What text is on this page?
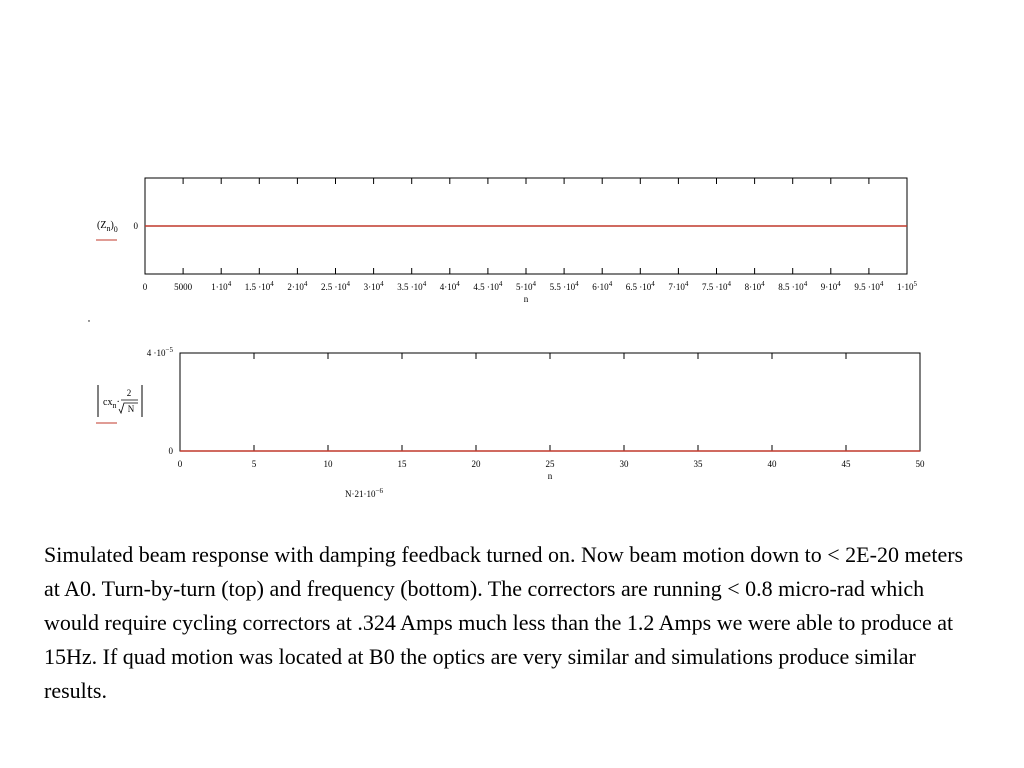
0	5000 $1\cdot 10^4$ $1.5 \cdot 10^4$ $2\cdot 10^4$ $2.5 \cdot 10^4$ $3\cdot 10^4$ $3.5 \cdot 10^4$ $4\cdot 10^4$ $4.5 \cdot 10^4$ $5\cdot 10^4$ $5.5 \cdot 10^4$ $6\cdot 10^4$ $6.5 \cdot 10^4$ $7\cdot 10^4$ $7.5 \cdot 10^4$ $8\cdot 10^4$ $8.5 \cdot 10^4$ $9\cdot 10^4$ $9.5 \cdot 10^4$ $1\cdot 10^5$
0
n
$(Z_n)_0$
0	5	10	15	20	25	30	35	40	45	50
0
$4 \cdot 10^{-5}$
n
$N\cdot 21\cdot 10^{-6}$
$cx_n\cdot$
2
N
Simulated beam response with damping feedback turned on. Now beam motion down to < 2E-20 meters at A0. Turn-by-turn (top) and frequency (bottom). The correctors are running < 0.8 micro-rad which would require cycling correctors at .324 Amps much less than the 1.2 Amps we were able to produce at 15Hz. If quad motion was located at B0 the optics are very similar and simulations produce similar results.
